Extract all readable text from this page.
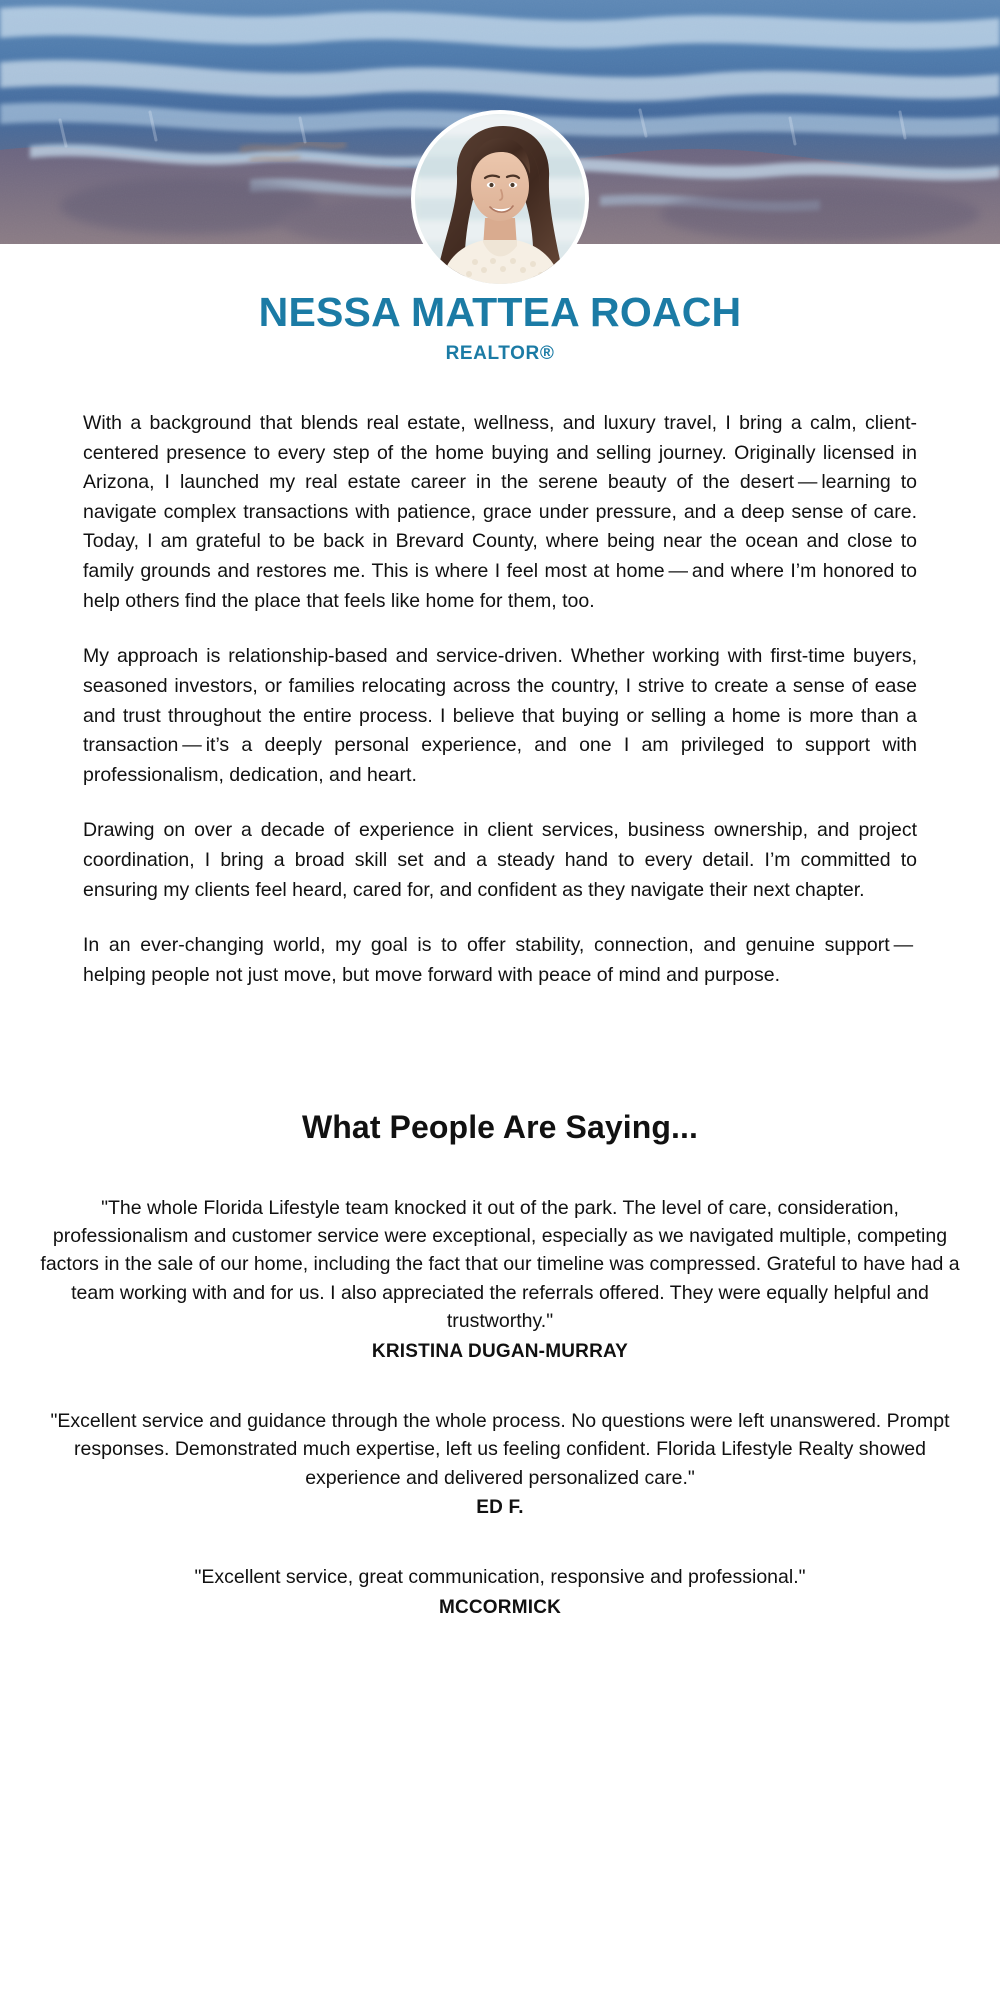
NESSA MATTEA ROACH
REALTOR®

With a background that blends real estate, wellness, and luxury travel, I bring a calm, client-centered presence to every step of the home buying and selling journey. Originally licensed in Arizona, I launched my real estate career in the serene beauty of the desert — learning to navigate complex transactions with patience, grace under pressure, and a deep sense of care. Today, I am grateful to be back in Brevard County, where being near the ocean and close to family grounds and restores me. This is where I feel most at home — and where I’m honored to help others find the place that feels like home for them, too.

My approach is relationship-based and service-driven. Whether working with first-time buyers, seasoned investors, or families relocating across the country, I strive to create a sense of ease and trust throughout the entire process. I believe that buying or selling a home is more than a transaction — it’s a deeply personal experience, and one I am privileged to support with professionalism, dedication, and heart.

Drawing on over a decade of experience in client services, business ownership, and project coordination, I bring a broad skill set and a steady hand to every detail. I’m committed to ensuring my clients feel heard, cared for, and confident as they navigate their next chapter.

In an ever-changing world, my goal is to offer stability, connection, and genuine support — helping people not just move, but move forward with peace of mind and purpose.

What People Are Saying...
"The whole Florida Lifestyle team knocked it out of the park. The level of care, consideration, professionalism and customer service were exceptional, especially as we navigated multiple, competing factors in the sale of our home, including the fact that our timeline was compressed. Grateful to have had a team working with and for us. I also appreciated the referrals offered. They were equally helpful and trustworthy."
KRISTINA DUGAN-MURRAY
"Excellent service and guidance through the whole process. No questions were left unanswered. Prompt responses. Demonstrated much expertise, left us feeling confident. Florida Lifestyle Realty showed experience and delivered personalized care."
ED F.
"Excellent service, great communication, responsive and professional."
MCCORMICK
